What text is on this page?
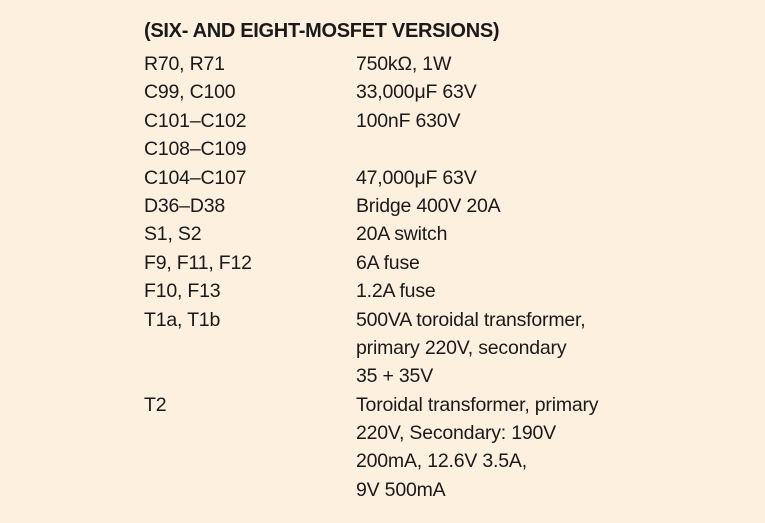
(SIX- AND EIGHT-MOSFET VERSIONS)
R70, R71	750kΩ, 1W
C99, C100	33,000μF 63V
C101–C102	100nF 630V
C108–C109
C104–C107	47,000μF 63V
D36–D38	Bridge 400V 20A
S1, S2	20A switch
F9, F11, F12	6A fuse
F10, F13	1.2A fuse
T1a, T1b	500VA toroidal transformer,
primary 220V, secondary
35 + 35V
T2	Toroidal transformer, primary
220V, Secondary: 190V
200mA, 12.6V 3.5A,
9V 500mA
